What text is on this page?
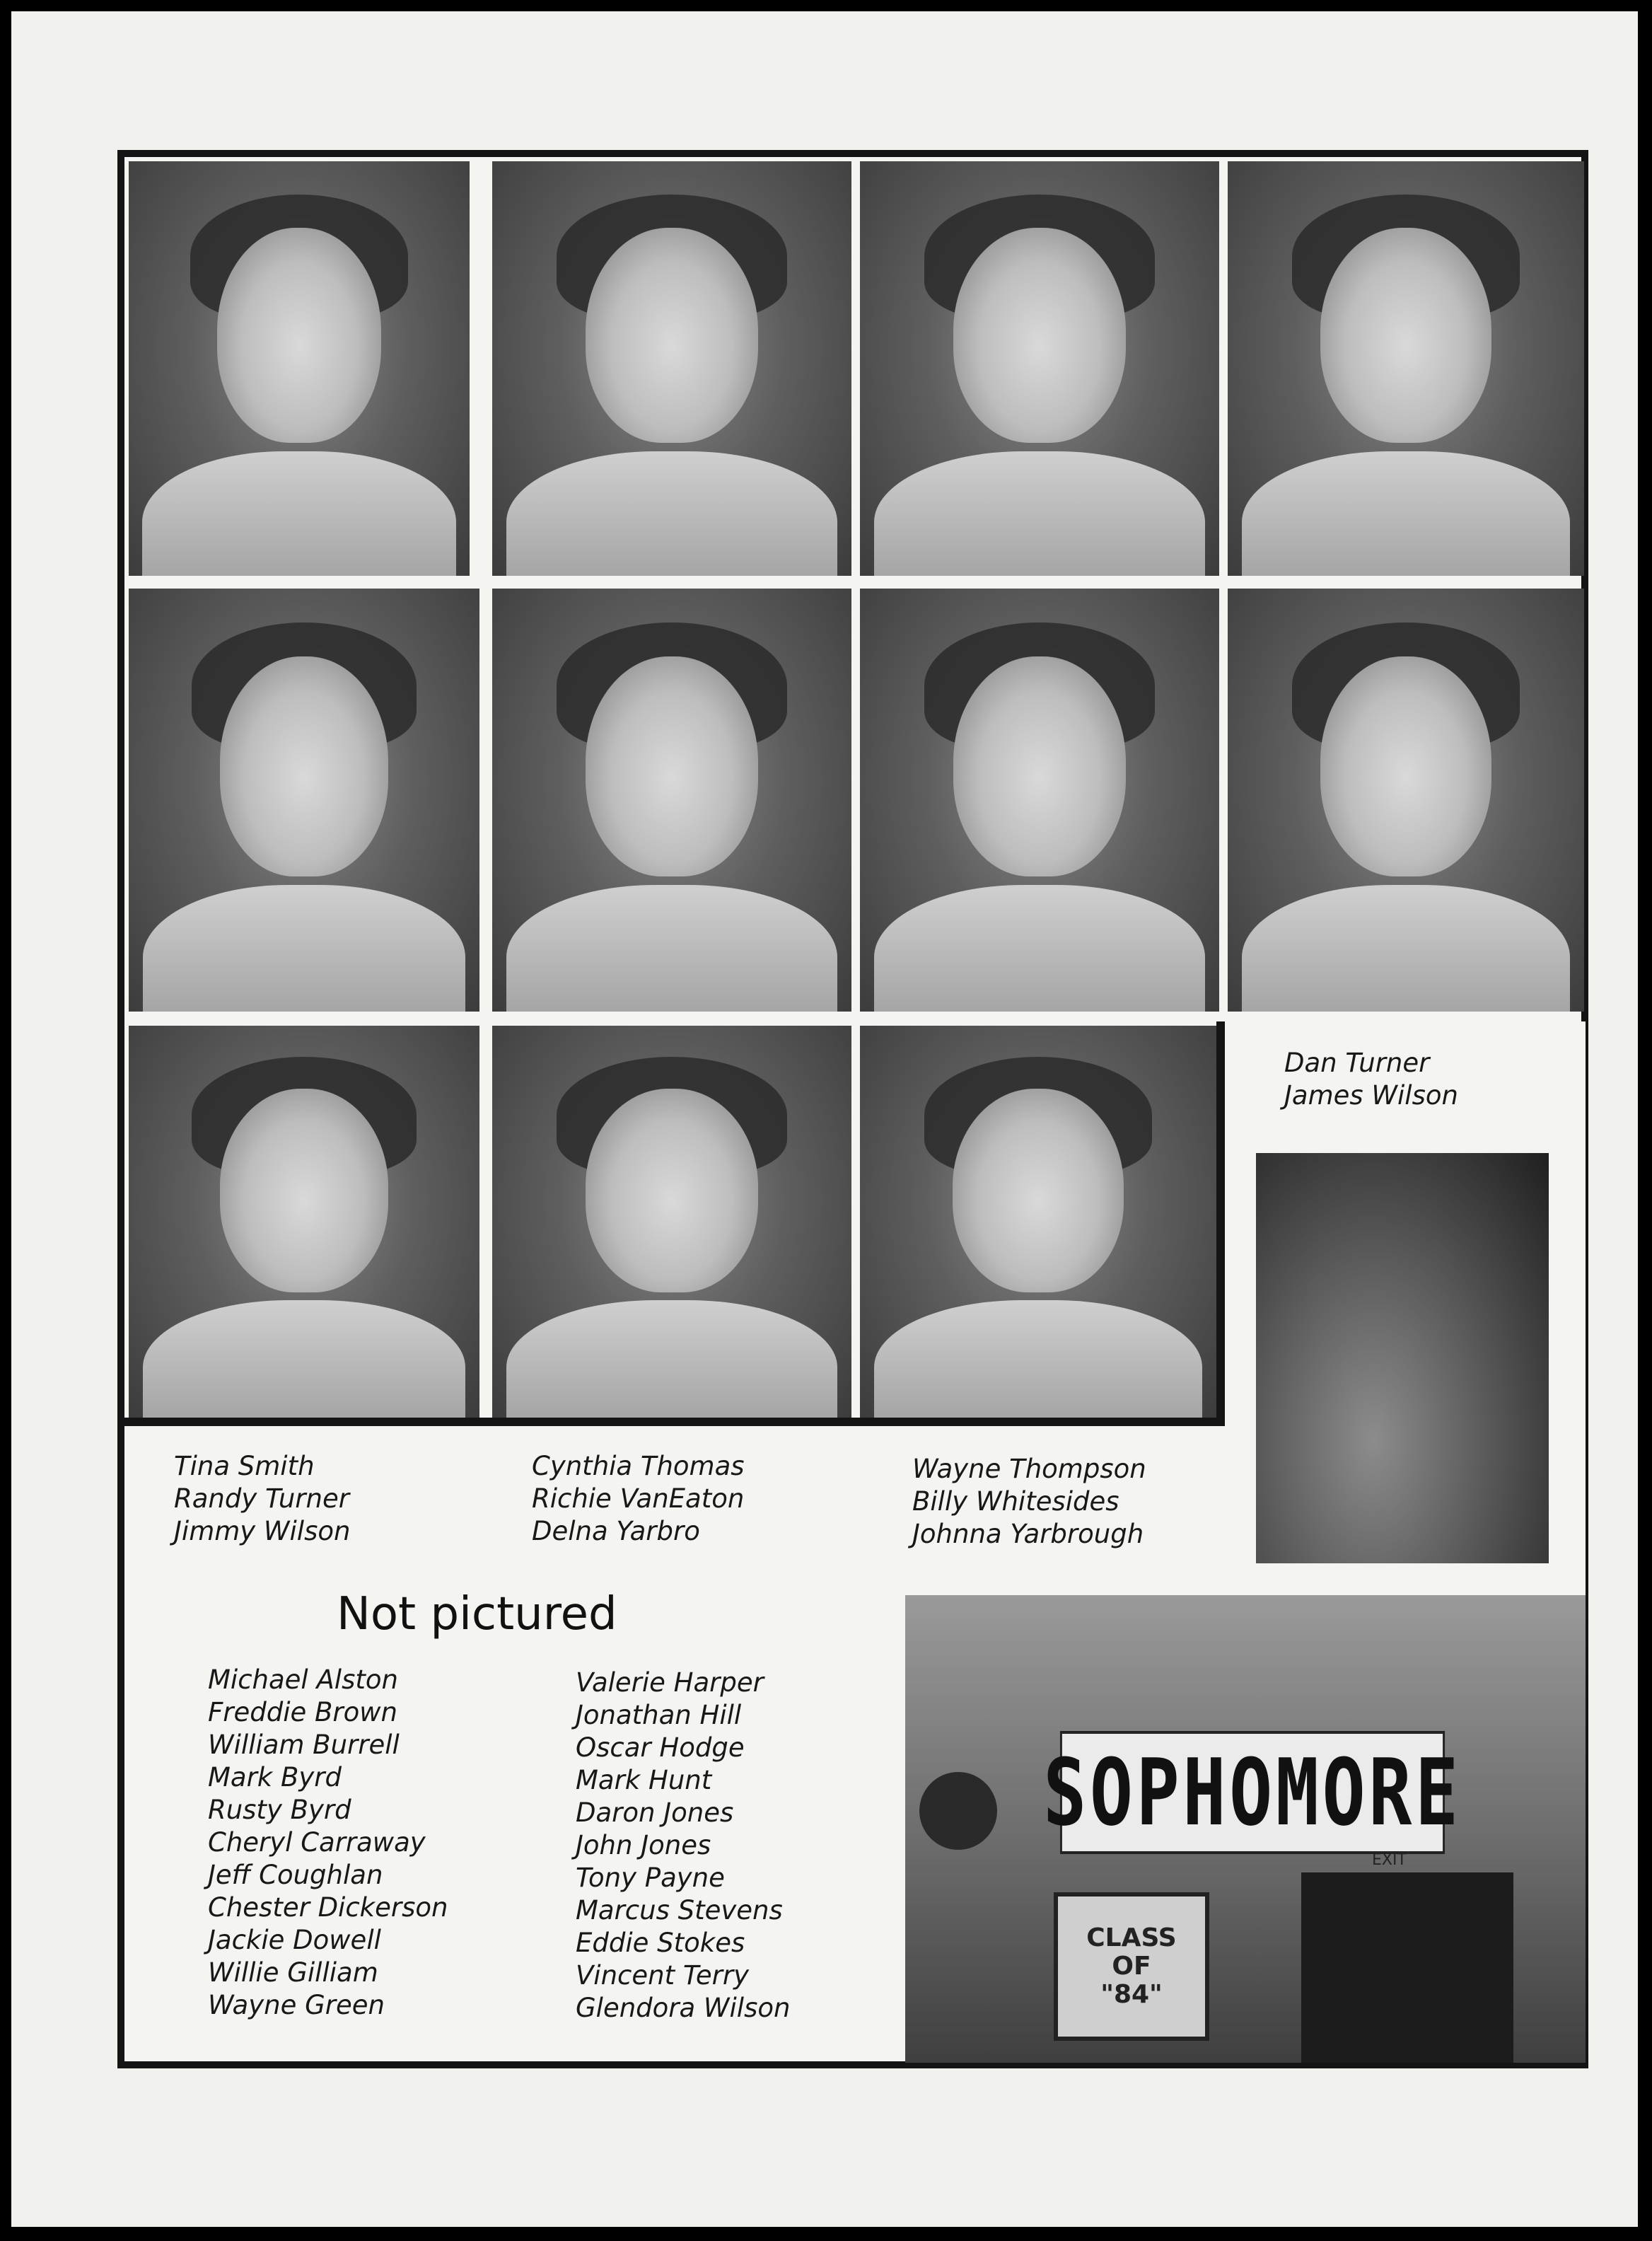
Dan Turner
James Wilson
Tina Smith
Randy Turner
Jimmy Wilson
Cynthia Thomas
Richie VanEaton
Delna Yarbro
Wayne Thompson
Billy Whitesides
Johnna Yarbrough
Not pictured
Michael Alston
Freddie Brown
William Burrell
Mark Byrd
Rusty Byrd
Cheryl Carraway
Jeff Coughlan
Chester Dickerson
Jackie Dowell
Willie Gilliam
Wayne Green
Valerie Harper
Jonathan Hill
Oscar Hodge
Mark Hunt
Daron Jones
John Jones
Tony Payne
Marcus Stevens
Eddie Stokes
Vincent Terry
Glendora Wilson
SOPHOMORE
EXIT
CLASS
OF
"84"
